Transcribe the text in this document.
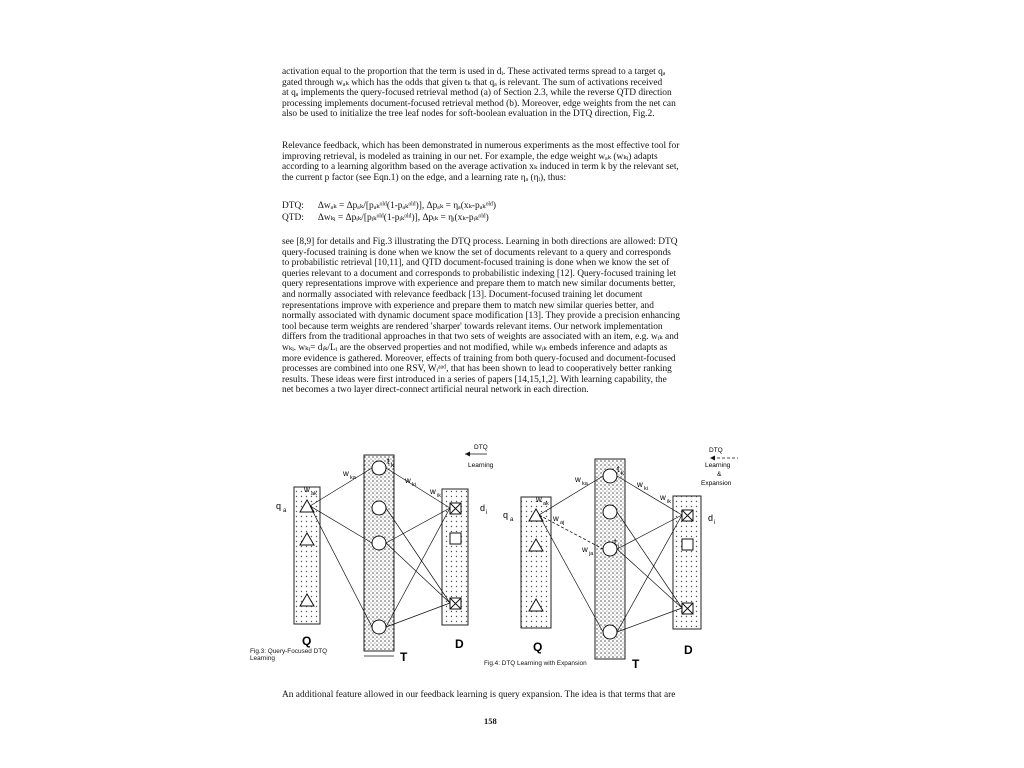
activation equal to the proportion that the term is used in dᵢ. These activated terms spread to a target qₐ
gated through wₐₖ which has the odds that given tₖ that qₐ is relevant. The sum of activations received
at qₐ implements the query-focused retrieval method (a) of Section 2.3, while the reverse QTD direction
processing implements document-focused retrieval method (b). Moreover, edge weights from the net can
also be used to initialize the tree leaf nodes for soft-boolean evaluation in the DTQ direction, Fig.2.
Relevance feedback, which has been demonstrated in numerous experiments as the most effective tool for
improving retrieval, is modeled as training in our net. For example, the edge weight wₐₖ (wₖᵢ) adapts
according to a learning algorithm based on the average activation xₖ induced in term k by the relevant set,
the current p factor (see Eqn.1) on the edge, and a learning rate ηₐ (ηᵢ), thus:
DTQ: Δwₐₖ = Δpₐₖ/[pₐₖᵒˡᵈ(1-pₐₖᵒˡᵈ)], Δpₐₖ = ηₐ(xₖ-pₐₖᵒˡᵈ)
QTD: Δwₖᵢ = Δpᵢₖ/[pᵢₖᵒˡᵈ(1-pᵢₖᵒˡᵈ)], Δpᵢₖ = ηᵢ(xₖ-pᵢₖᵒˡᵈ)
see [8,9] for details and Fig.3 illustrating the DTQ process. Learning in both directions are allowed: DTQ
query-focused training is done when we know the set of documents relevant to a query and corresponds
to probabilistic retrieval [10,11], and QTD document-focused training is done when we know the set of
queries relevant to a document and corresponds to probabilistic indexing [12]. Query-focused training let
query representations improve with experience and prepare them to match new similar documents better,
and normally associated with relevance feedback [13]. Document-focused training let document
representations improve with experience and prepare them to match new similar queries better, and
normally associated with dynamic document space modification [13]. They provide a precision enhancing
tool because term weights are rendered 'sharper' towards relevant items. Our network implementation
differs from the traditional approaches in that two sets of weights are associated with an item, e.g. wᵢₖ and
wₖᵢ. wₖᵢ= dᵢₖ/Lᵢ are the observed properties and not modified, while wᵢₖ embeds inference and adapts as
more evidence is gathered. Moreover, effects of training from both query-focused and document-focused
processes are combined into one RSV, Wᵢᵃᵃᵈ, that has been shown to lead to cooperatively better ranking
results. These ideas were first introduced in a series of papers [14,15,1,2]. With learning capability, the
net becomes a two layer direct-connect artificial neural network in each direction.
DTQ
Learning
q a	d i
t k
w ka
w ak
w ki
w ik
Q
T
D
DTQ
Learning
&
Expansion
q a	d i
t k
t j
w ka
w ak
w aj
w ja
w ki
w ik
Q
T
D
Fig.3: Query-Focused DTQ
Learning
Fig.4: DTQ Learning with Expansion
An additional feature allowed in our feedback learning is query expansion. The idea is that terms that are
158
